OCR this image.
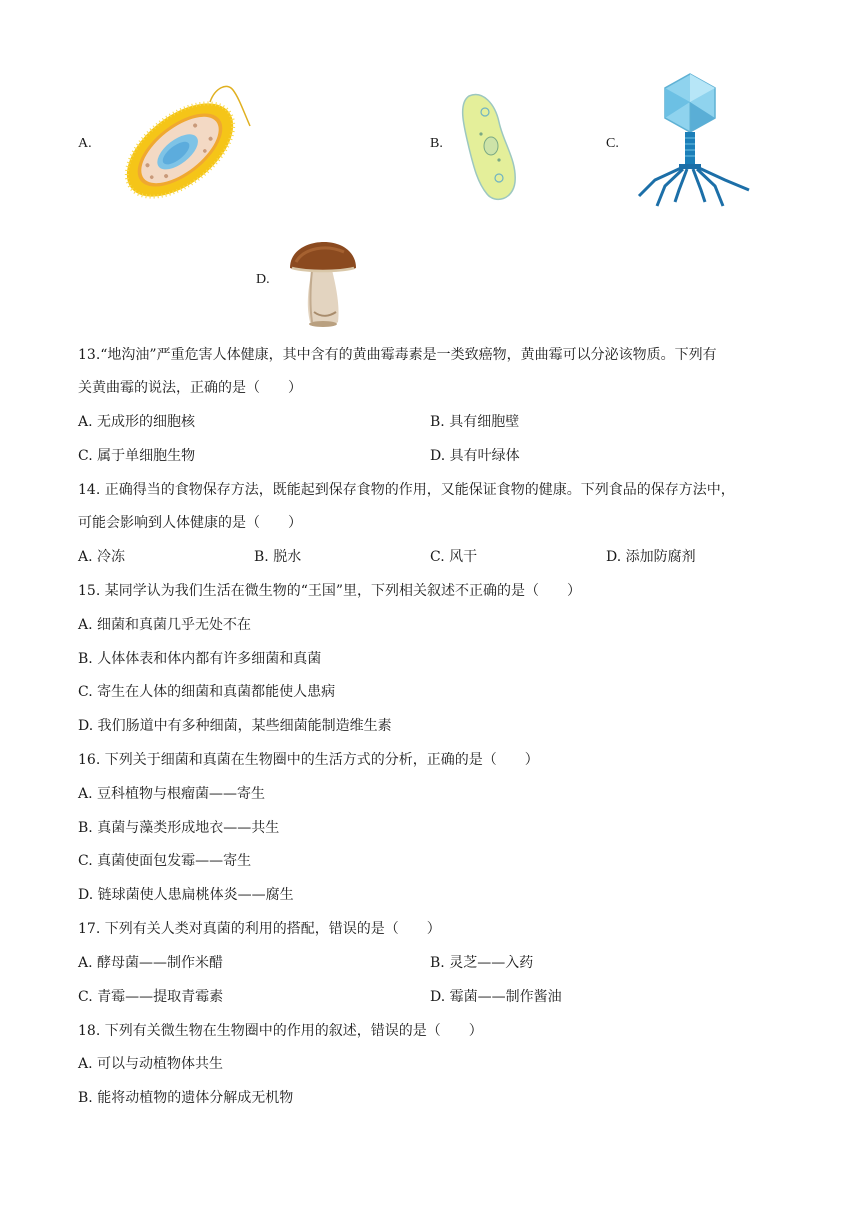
A.	B.	C.
D.
13.“地沟油”严重危害人体健康，其中含有的黄曲霉毒素是一类致癌物，黄曲霉可以分泌该物质。下列有
关黄曲霉的说法，正确的是（　　）
A. 无成形的细胞核	B. 具有细胞壁
C. 属于单细胞生物	D. 具有叶绿体
14. 正确得当的食物保存方法，既能起到保存食物的作用，又能保证食物的健康。下列食品的保存方法中，
可能会影响到人体健康的是（　　）
A. 冷冻	B. 脱水	C. 风干	D. 添加防腐剂
15. 某同学认为我们生活在微生物的“王国”里，下列相关叙述不正确的是（　　）
A. 细菌和真菌几乎无处不在
B. 人体体表和体内都有许多细菌和真菌
C. 寄生在人体的细菌和真菌都能使人患病
D. 我们肠道中有多种细菌，某些细菌能制造维生素
16. 下列关于细菌和真菌在生物圈中的生活方式的分析，正确的是（　　）
A. 豆科植物与根瘤菌——寄生
B. 真菌与藻类形成地衣——共生
C. 真菌使面包发霉——寄生
D. 链球菌使人患扁桃体炎——腐生
17. 下列有关人类对真菌的利用的搭配，错误的是（　　）
A. 酵母菌——制作米醋	B. 灵芝——入药
C. 青霉——提取青霉素	D. 霉菌——制作酱油
18. 下列有关微生物在生物圈中的作用的叙述，错误的是（　　）
A. 可以与动植物体共生
B. 能将动植物的遗体分解成无机物
